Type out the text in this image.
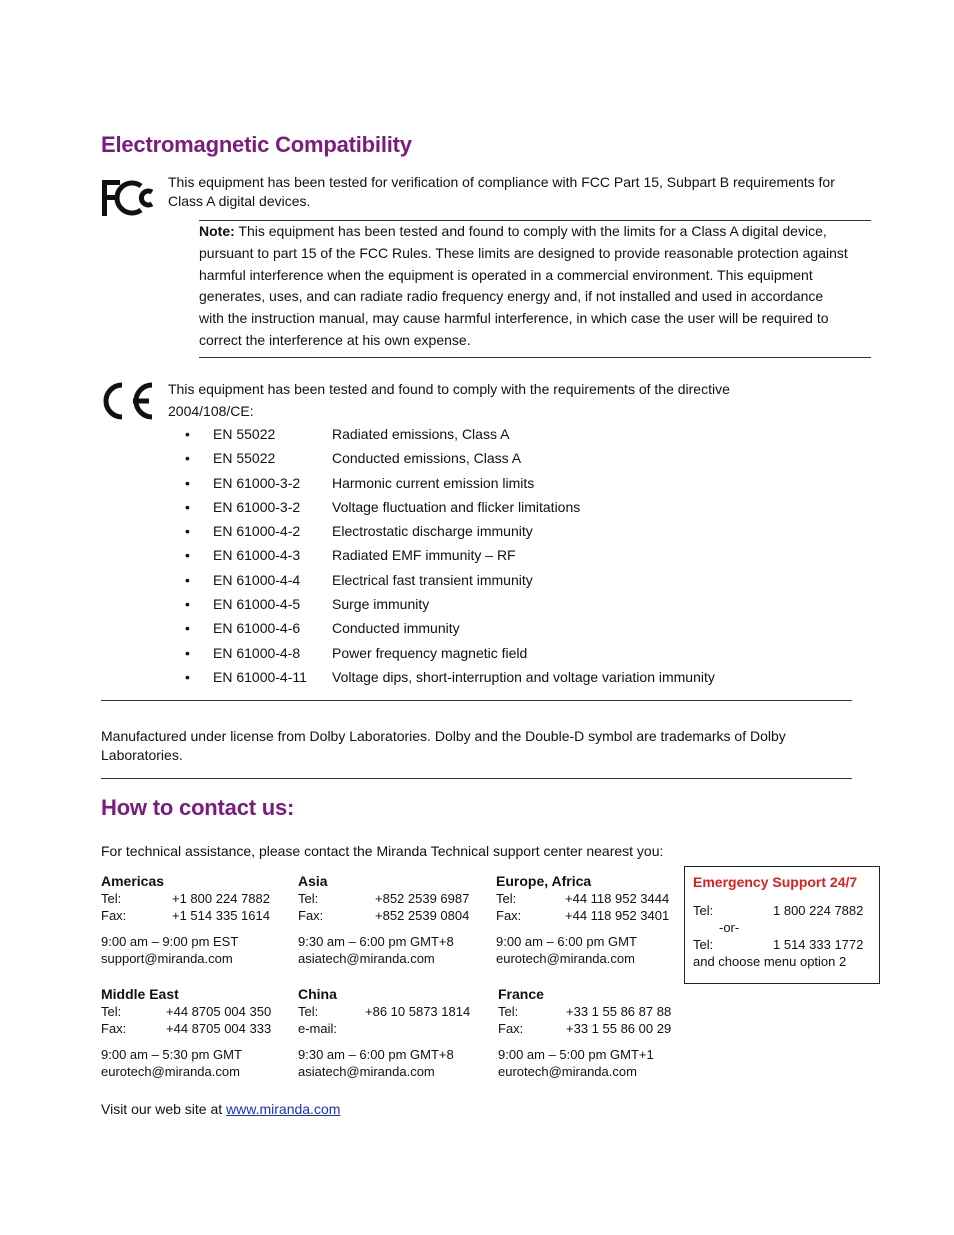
Electromagnetic Compatibility
This equipment has been tested for verification of compliance with FCC Part 15, Subpart B requirements for Class A digital devices.
Note: This equipment has been tested and found to comply with the limits for a Class A digital device, pursuant to part 15 of the FCC Rules. These limits are designed to provide reasonable protection against harmful interference when the equipment is operated in a commercial environment. This equipment generates, uses, and can radiate radio frequency energy and, if not installed and used in accordance with the instruction manual, may cause harmful interference, in which case the user will be required to correct the interference at his own expense.
This equipment has been tested and found to comply with the requirements of the directive 2004/108/CE:
• EN 55022	Radiated emissions, Class A
• EN 55022	Conducted emissions, Class A
• EN 61000-3-2 Harmonic current emission limits
• EN 61000-3-2 Voltage fluctuation and flicker limitations
• EN 61000-4-2 Electrostatic discharge immunity
• EN 61000-4-3 Radiated EMF immunity – RF
• EN 61000-4-4 Electrical fast transient immunity
• EN 61000-4-5 Surge immunity
• EN 61000-4-6 Conducted immunity
• EN 61000-4-8 Power frequency magnetic field
• EN 61000-4-11 Voltage dips, short-interruption and voltage variation immunity
Manufactured under license from Dolby Laboratories. Dolby and the Double-D symbol are trademarks of Dolby Laboratories.
How to contact us:
For technical assistance, please contact the Miranda Technical support center nearest you:
Americas
Tel:	+1 800 224 7882
Fax:	+1 514 335 1614
9:00 am – 9:00 pm EST
support@miranda.com
Asia
Tel:	+852 2539 6987
Fax:	+852 2539 0804
9:30 am – 6:00 pm GMT+8
asiatech@miranda.com
Europe, Africa
Tel:	+44 118 952 3444
Fax:	+44 118 952 3401
9:00 am – 6:00 pm GMT
eurotech@miranda.com
Middle East
Tel:	+44 8705 004 350
Fax:	+44 8705 004 333
9:00 am – 5:30 pm GMT
eurotech@miranda.com
China
Tel:	+86 10 5873 1814
e-mail:
9:30 am – 6:00 pm GMT+8
asiatech@miranda.com
France
Tel:	+33 1 55 86 87 88
Fax:	+33 1 55 86 00 29
9:00 am – 5:00 pm GMT+1
eurotech@miranda.com
Emergency Support 24/7
Tel:	1 800 224 7882
-or-
Tel:	1 514 333 1772
and choose menu option 2
Visit our web site at www.miranda.com
